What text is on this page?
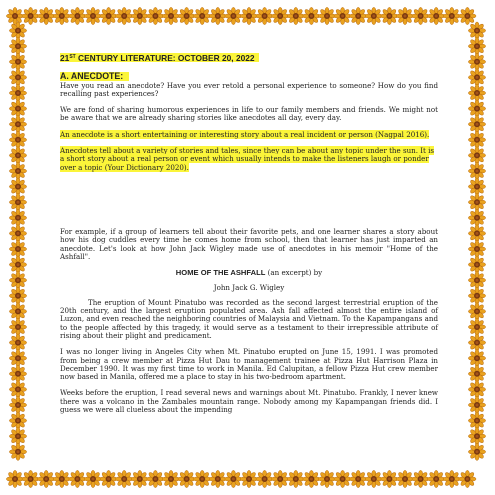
21ST CENTURY LITERATURE: OCTOBER 20, 2022
A. ANECDOTE:

Have you read an anecdote? Have you ever retold a personal experience to someone? How do you find recalling past experiences?

We are fond of sharing humorous experiences in life to our family members and friends. We might not be aware that we are already sharing stories like anecdotes all day, every day.

An anecdote is a short entertaining or interesting story about a real incident or person (Nagpal 2016).

Anecdotes tell about a variety of stories and tales, since they can be about any topic under the sun. It is a short story about a real person or event which usually intends to make the listeners laugh or ponder over a topic (Your Dictionary 2020).

For example, if a group of learners tell about their favorite pets, and one learner shares a story about how his dog cuddles every time he comes home from school, then that learner has just imparted an anecdote. Let's look at how John Jack Wigley made use of anecdotes in his memoir "Home of the Ashfall".

HOME OF THE ASHFALL (an excerpt) by
John Jack G. Wigley

The eruption of Mount Pinatubo was recorded as the second largest terrestrial eruption of the 20th century, and the largest eruption populated area. Ash fall affected almost the entire island of Luzon, and even reached the neighboring countries of Malaysia and Vietnam. To the Kapampangans and to the people affected by this tragedy, it would serve as a testament to their irrepressible attribute of rising about their plight and predicament.

I was no longer living in Angeles City when Mt. Pinatubo erupted on June 15, 1991. I was promoted from being a crew member at Pizza Hut Dau to management trainee at Pizza Hut Harrison Plaza in December 1990. It was my first time to work in Manila. Ed Calupitan, a fellow Pizza Hut crew member now based in Manila, offered me a place to stay in his two-bedroom apartment.

Weeks before the eruption, I read several news and warnings about Mt. Pinatubo. Frankly, I never knew there was a volcano in the Zambales mountain range. Nobody among my Kapampangan friends did. I guess we were all clueless about the impending
